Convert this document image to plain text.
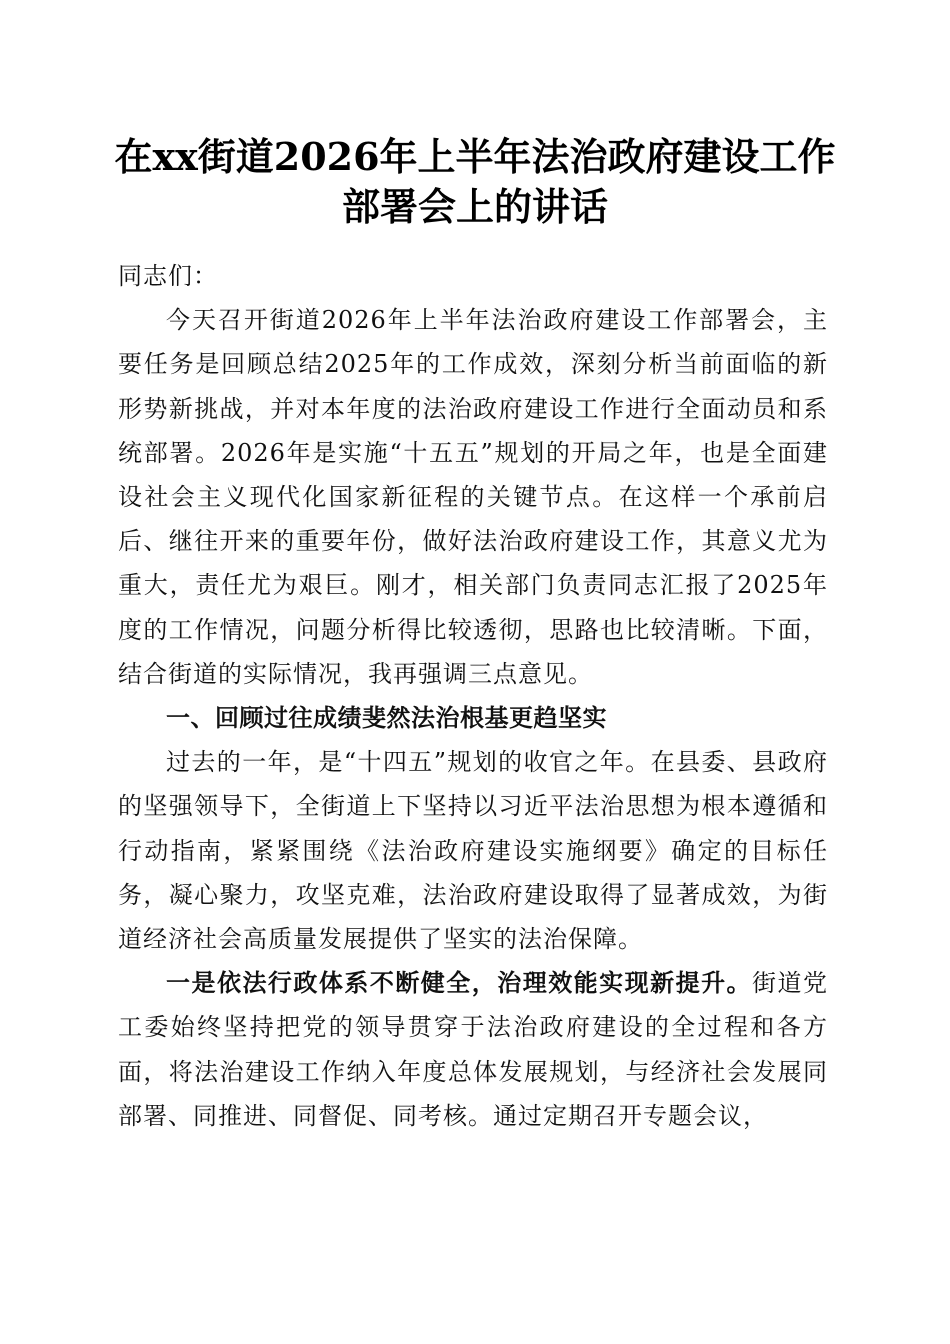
在xx街道2026年上半年法治政府建设工作部署会上的讲话

同志们：

今天召开街道2026年上半年法治政府建设工作部署会，主要任务是回顾总结2025年的工作成效，深刻分析当前面临的新形势新挑战，并对本年度的法治政府建设工作进行全面动员和系统部署。2026年是实施“十五五”规划的开局之年，也是全面建设社会主义现代化国家新征程的关键节点。在这样一个承前启后、继往开来的重要年份，做好法治政府建设工作，其意义尤为重大，责任尤为艰巨。刚才，相关部门负责同志汇报了2025年度的工作情况，问题分析得比较透彻，思路也比较清晰。下面，结合街道的实际情况，我再强调三点意见。

一、回顾过往成绩斐然法治根基更趋坚实

过去的一年，是“十四五”规划的收官之年。在县委、县政府的坚强领导下，全街道上下坚持以习近平法治思想为根本遵循和行动指南，紧紧围绕《法治政府建设实施纲要》确定的目标任务，凝心聚力，攻坚克难，法治政府建设取得了显著成效，为街道经济社会高质量发展提供了坚实的法治保障。

一是依法行政体系不断健全，治理效能实现新提升。街道党工委始终坚持把党的领导贯穿于法治政府建设的全过程和各方面，将法治建设工作纳入年度总体发展规划，与经济社会发展同部署、同推进、同督促、同考核。通过定期召开专题会议，
